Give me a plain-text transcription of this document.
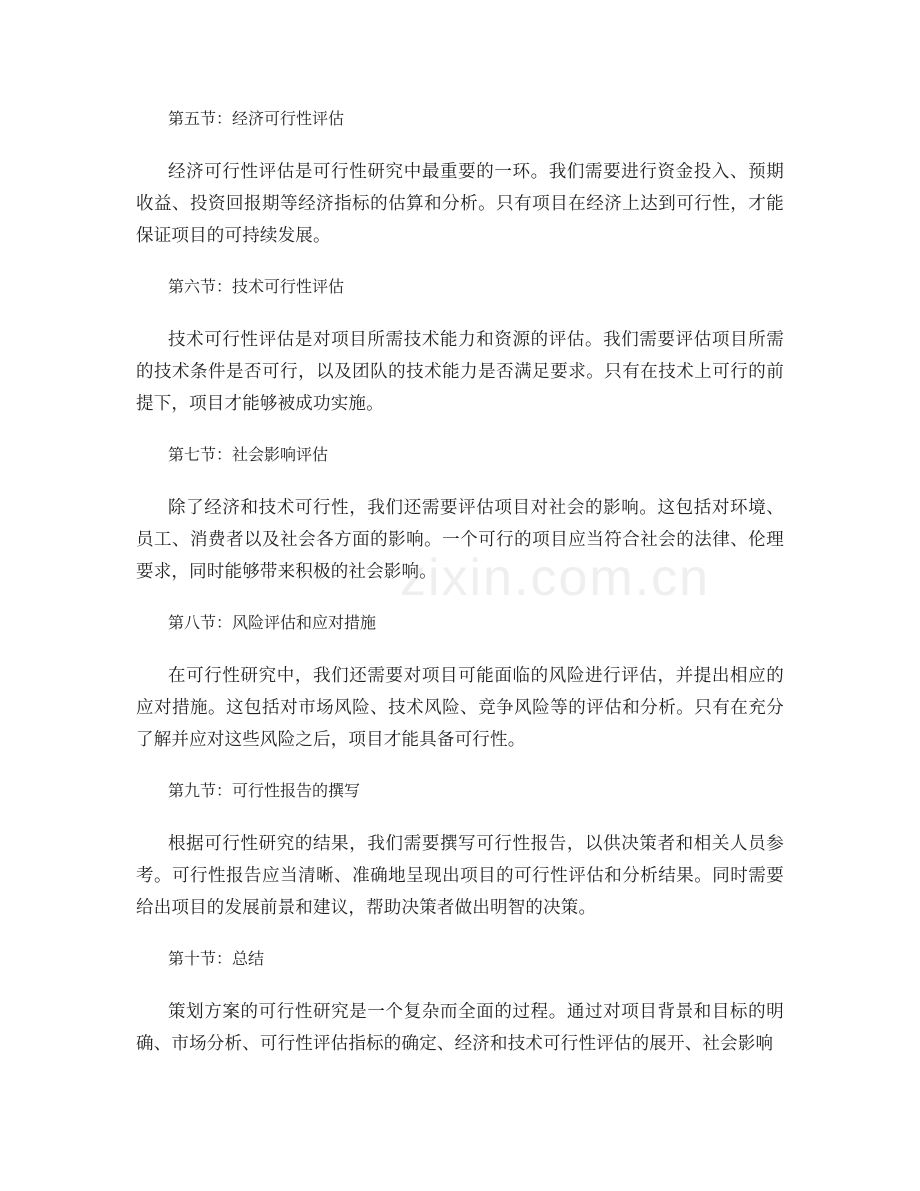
第五节：经济可行性评估

经济可行性评估是可行性研究中最重要的一环。我们需要进行资金投入、预期收益、投资回报期等经济指标的估算和分析。只有项目在经济上达到可行性，才能保证项目的可持续发展。

第六节：技术可行性评估

技术可行性评估是对项目所需技术能力和资源的评估。我们需要评估项目所需的技术条件是否可行，以及团队的技术能力是否满足要求。只有在技术上可行的前提下，项目才能够被成功实施。

第七节：社会影响评估

除了经济和技术可行性，我们还需要评估项目对社会的影响。这包括对环境、员工、消费者以及社会各方面的影响。一个可行的项目应当符合社会的法律、伦理要求，同时能够带来积极的社会影响。

第八节：风险评估和应对措施

在可行性研究中，我们还需要对项目可能面临的风险进行评估，并提出相应的应对措施。这包括对市场风险、技术风险、竞争风险等的评估和分析。只有在充分了解并应对这些风险之后，项目才能具备可行性。

第九节：可行性报告的撰写

根据可行性研究的结果，我们需要撰写可行性报告，以供决策者和相关人员参考。可行性报告应当清晰、准确地呈现出项目的可行性评估和分析结果。同时需要给出项目的发展前景和建议，帮助决策者做出明智的决策。

第十节：总结

策划方案的可行性研究是一个复杂而全面的过程。通过对项目背景和目标的明确、市场分析、可行性评估指标的确定、经济和技术可行性评估的展开、社会影响

zixin.com.cn
